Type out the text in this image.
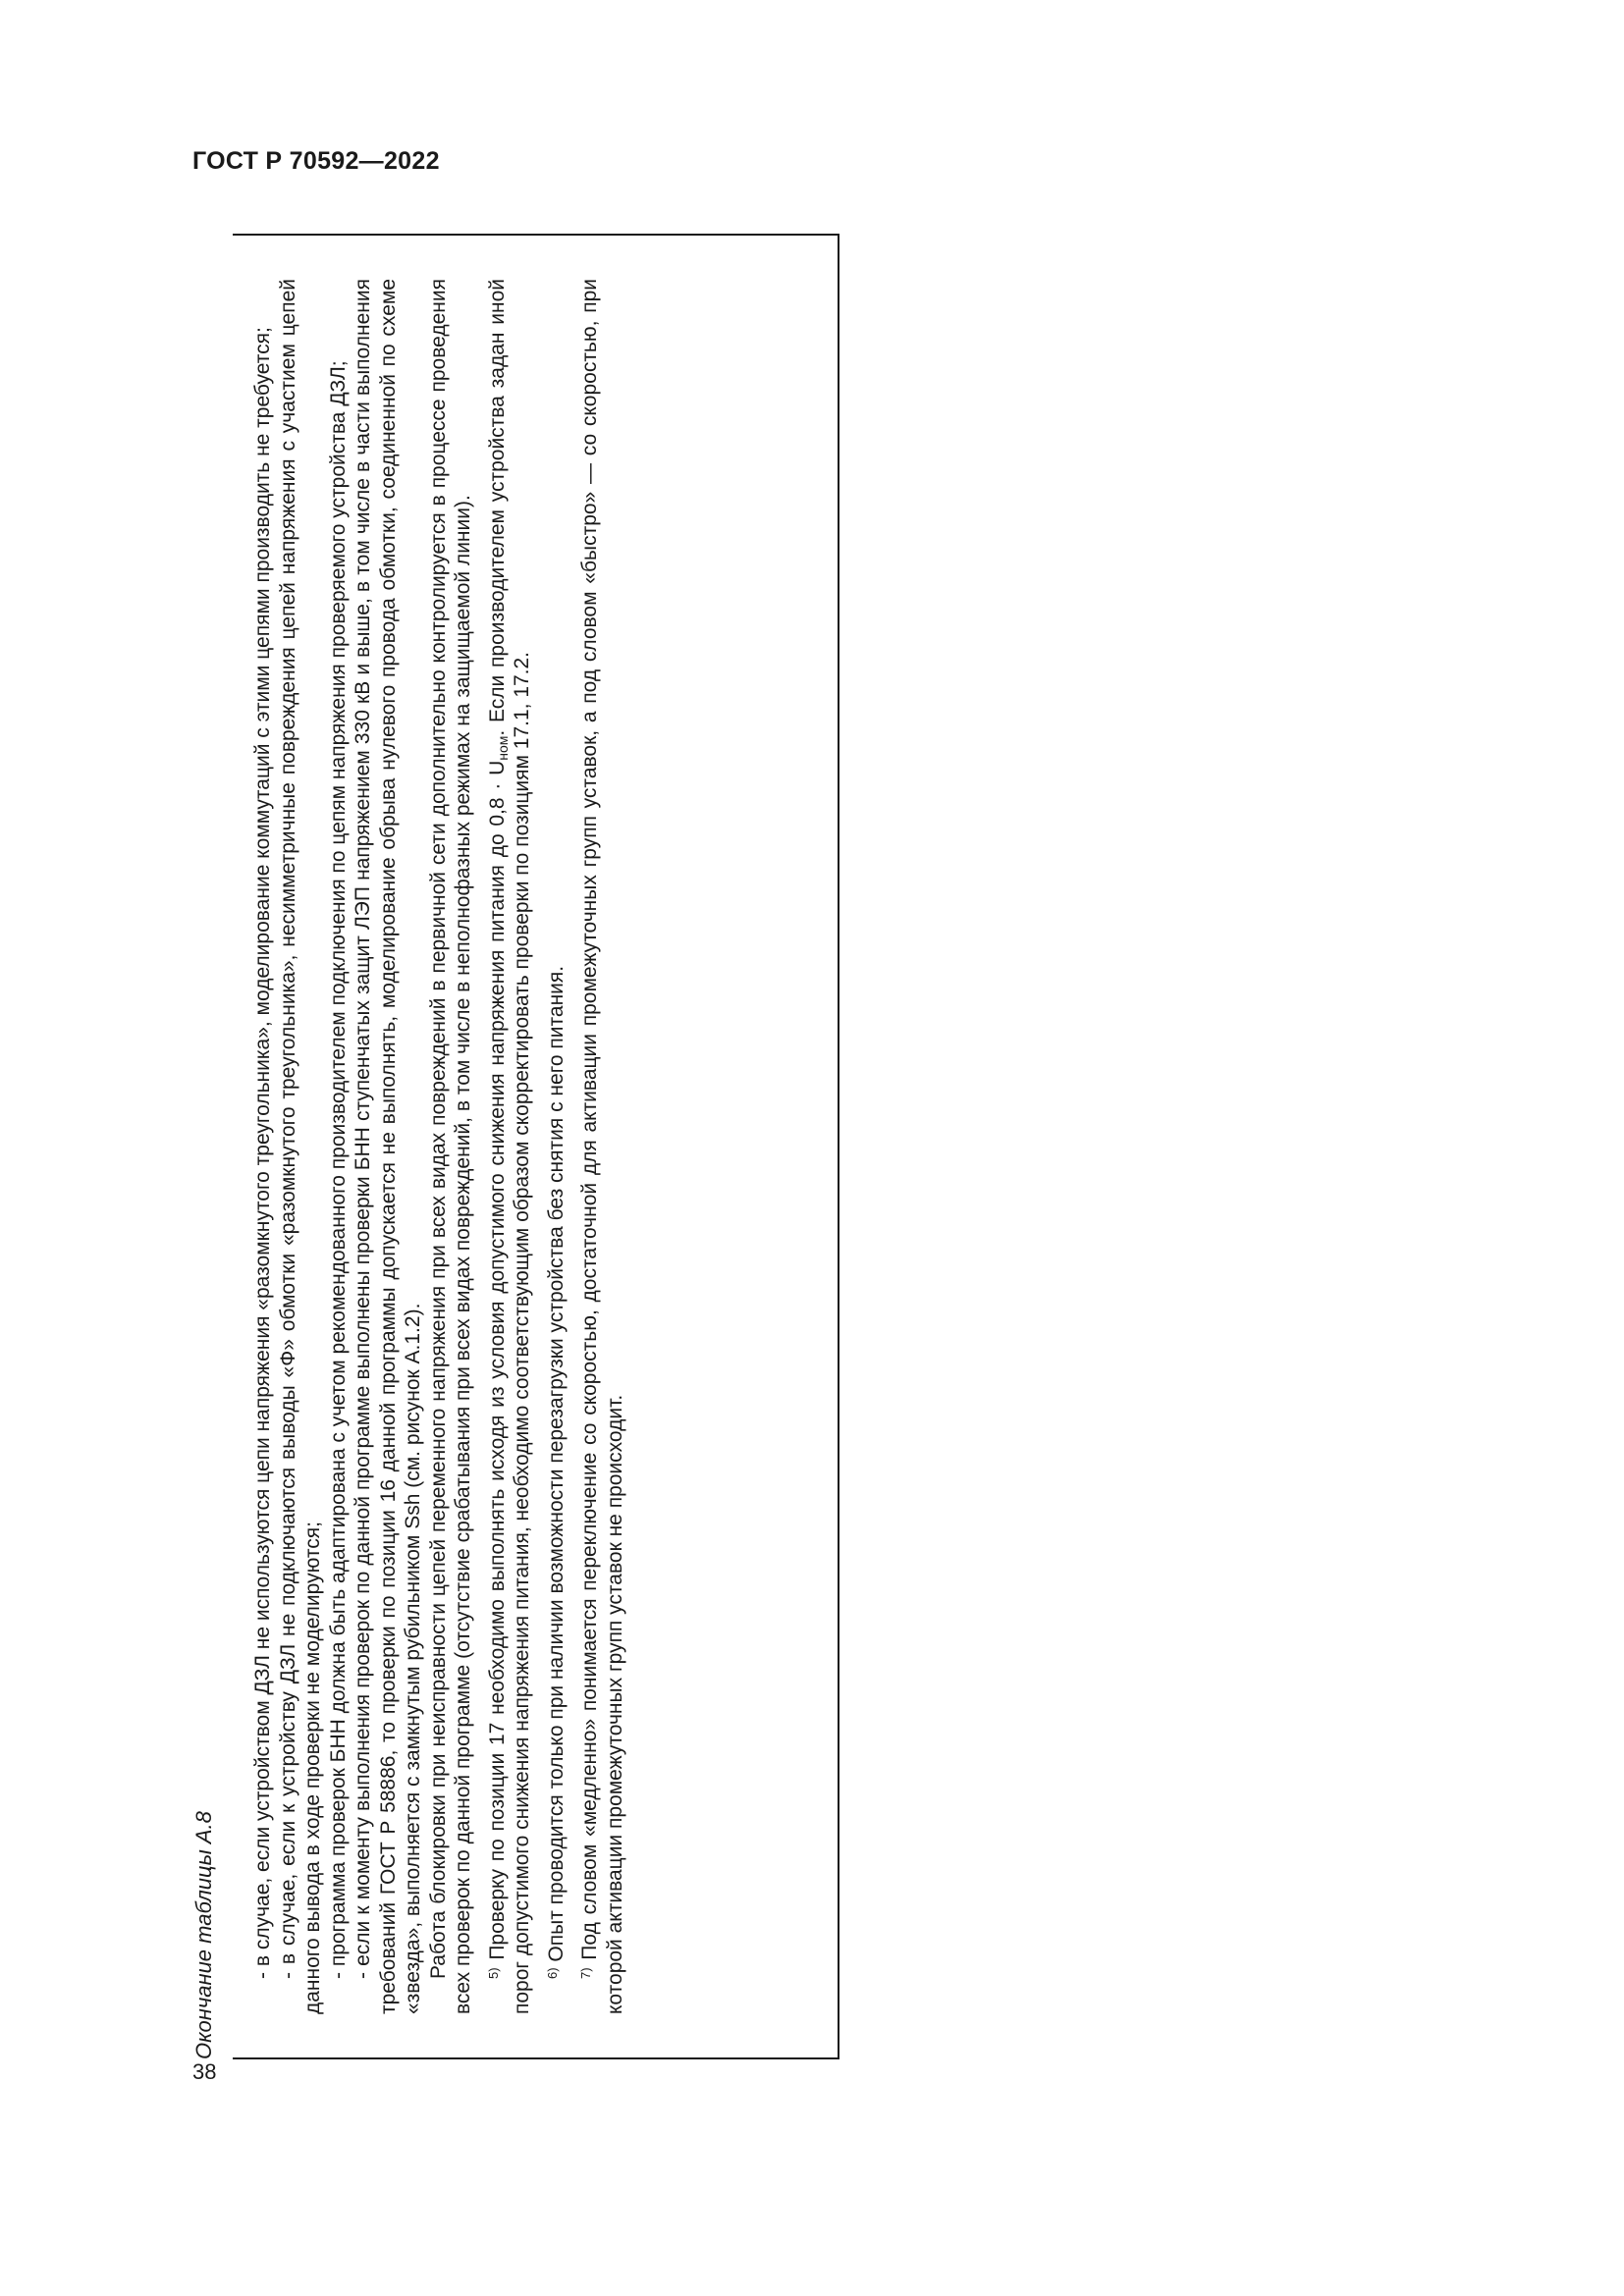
ГОСТ Р 70592—2022
38
Окончание таблицы А.8 - в случае, если устройством ДЗЛ не используются цепи напряжения «разомкнутого треугольника», моделирование коммутаций с этими цепями производить не требуется; - в случае, если к устройству ДЗЛ не подключаются выводы «Ф» обмотки «разомкнутого треугольника», несимметричные повреждения цепей напряжения с участием цепей данного вывода в ходе проверки не моделируются; - программа проверок БНН должна быть адаптирована с учетом рекомендованного производителем подключения по цепям напряжения проверяемого устройства ДЗЛ; - если к моменту выполнения проверок по данной программе выполнены проверки БНН ступенчатых защит ЛЭП напряжением 330 кВ и выше, в том числе в части выполнения требований ГОСТ Р 58886, то проверки по позиции 16 данной программы допускается не выполнять, моделирование обрыва нулевого провода обмотки, соединенной по схеме «звезда», выполняется с замкнутым рубильником Ssh (см. рисунок А.1.2). Работа блокировки при неисправности цепей переменного напряжения при всех видах повреждений в первичной сети дополнительно контролируется в процессе проведения всех проверок по данной программе (отсутствие срабатывания при всех видах повреждений, в том числе в неполнофазных режимах на защищаемой линии). $^{5)}$ Проверку по позиции 17 необходимо выполнять исходя из условия допустимого снижения напряжения питания до $0,8 \cdot U_{ном}$. Если производителем устройства задан иной порог допустимого снижения напряжения питания, необходимо соответствующим образом скорректировать проверки по позициям 17.1, 17.2. $^{6)}$ Опыт проводится только при наличии возможности перезагрузки устройства без снятия с него питания.

$^{7)}$ Под словом «медленно» понимается переключение со скоростью, достаточной для активации промежуточных групп уставок, а под словом «быстро» — со скоростью, при которой активации промежуточных групп уставок не происходит.
